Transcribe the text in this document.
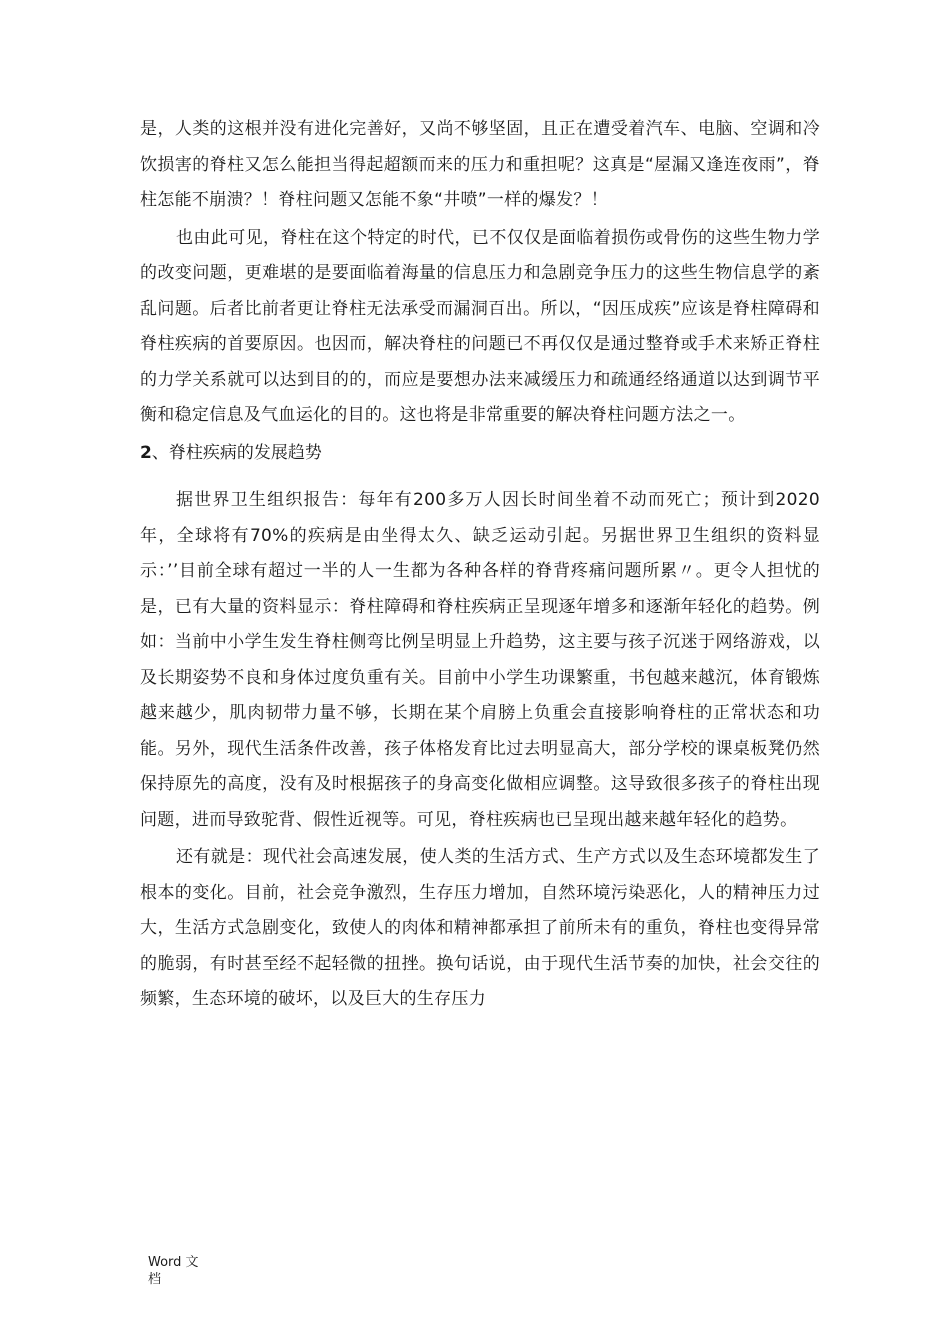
是，人类的这根并没有进化完善好，又尚不够坚固，且正在遭受着汽车、电脑、空调和冷饮损害的脊柱又怎么能担当得起超额而来的压力和重担呢？这真是“屋漏又逢连夜雨”，脊柱怎能不崩溃？！脊柱问题又怎能不象“井喷”一样的爆发？！

也由此可见，脊柱在这个特定的时代，已不仅仅是面临着损伤或骨伤的这些生物力学的改变问题，更难堪的是要面临着海量的信息压力和急剧竞争压力的这些生物信息学的紊乱问题。后者比前者更让脊柱无法承受而漏洞百出。所以，“因压成疾”应该是脊柱障碍和脊柱疾病的首要原因。也因而，解决脊柱的问题已不再仅仅是通过整脊或手术来矫正脊柱的力学关系就可以达到目的的，而应是要想办法来减缓压力和疏通经络通道以达到调节平衡和稳定信息及气血运化的目的。这也将是非常重要的解决脊柱问题方法之一。

2、脊柱疾病的发展趋势

据世界卫生组织报告：每年有200多万人因长时间坐着不动而死亡；预计到2020年，全球将有70%的疾病是由坐得太久、缺乏运动引起。另据世界卫生组织的资料显示：’’目前全球有超过一半的人一生都为各种各样的脊背疼痛问题所累〃。更令人担忧的是，已有大量的资料显示：脊柱障碍和脊柱疾病正呈现逐年增多和逐渐年轻化的趋势。例如：当前中小学生发生脊柱侧弯比例呈明显上升趋势，这主要与孩子沉迷于网络游戏，以及长期姿势不良和身体过度负重有关。目前中小学生功课繁重，书包越来越沉，体育锻炼越来越少，肌肉韧带力量不够，长期在某个肩膀上负重会直接影响脊柱的正常状态和功能。另外，现代生活条件改善，孩子体格发育比过去明显高大，部分学校的课桌板凳仍然保持原先的高度，没有及时根据孩子的身高变化做相应调整。这导致很多孩子的脊柱出现问题，进而导致驼背、假性近视等。可见，脊柱疾病也已呈现出越来越年轻化的趋势。

还有就是：现代社会高速发展，使人类的生活方式、生产方式以及生态环境都发生了根本的变化。目前，社会竞争激烈，生存压力增加，自然环境污染恶化，人的精神压力过大，生活方式急剧变化，致使人的肉体和精神都承担了前所未有的重负，脊柱也变得异常的脆弱，有时甚至经不起轻微的扭挫。换句话说，由于现代生活节奏的加快，社会交往的频繁，生态环境的破坏，以及巨大的生存压力

Word 文档
